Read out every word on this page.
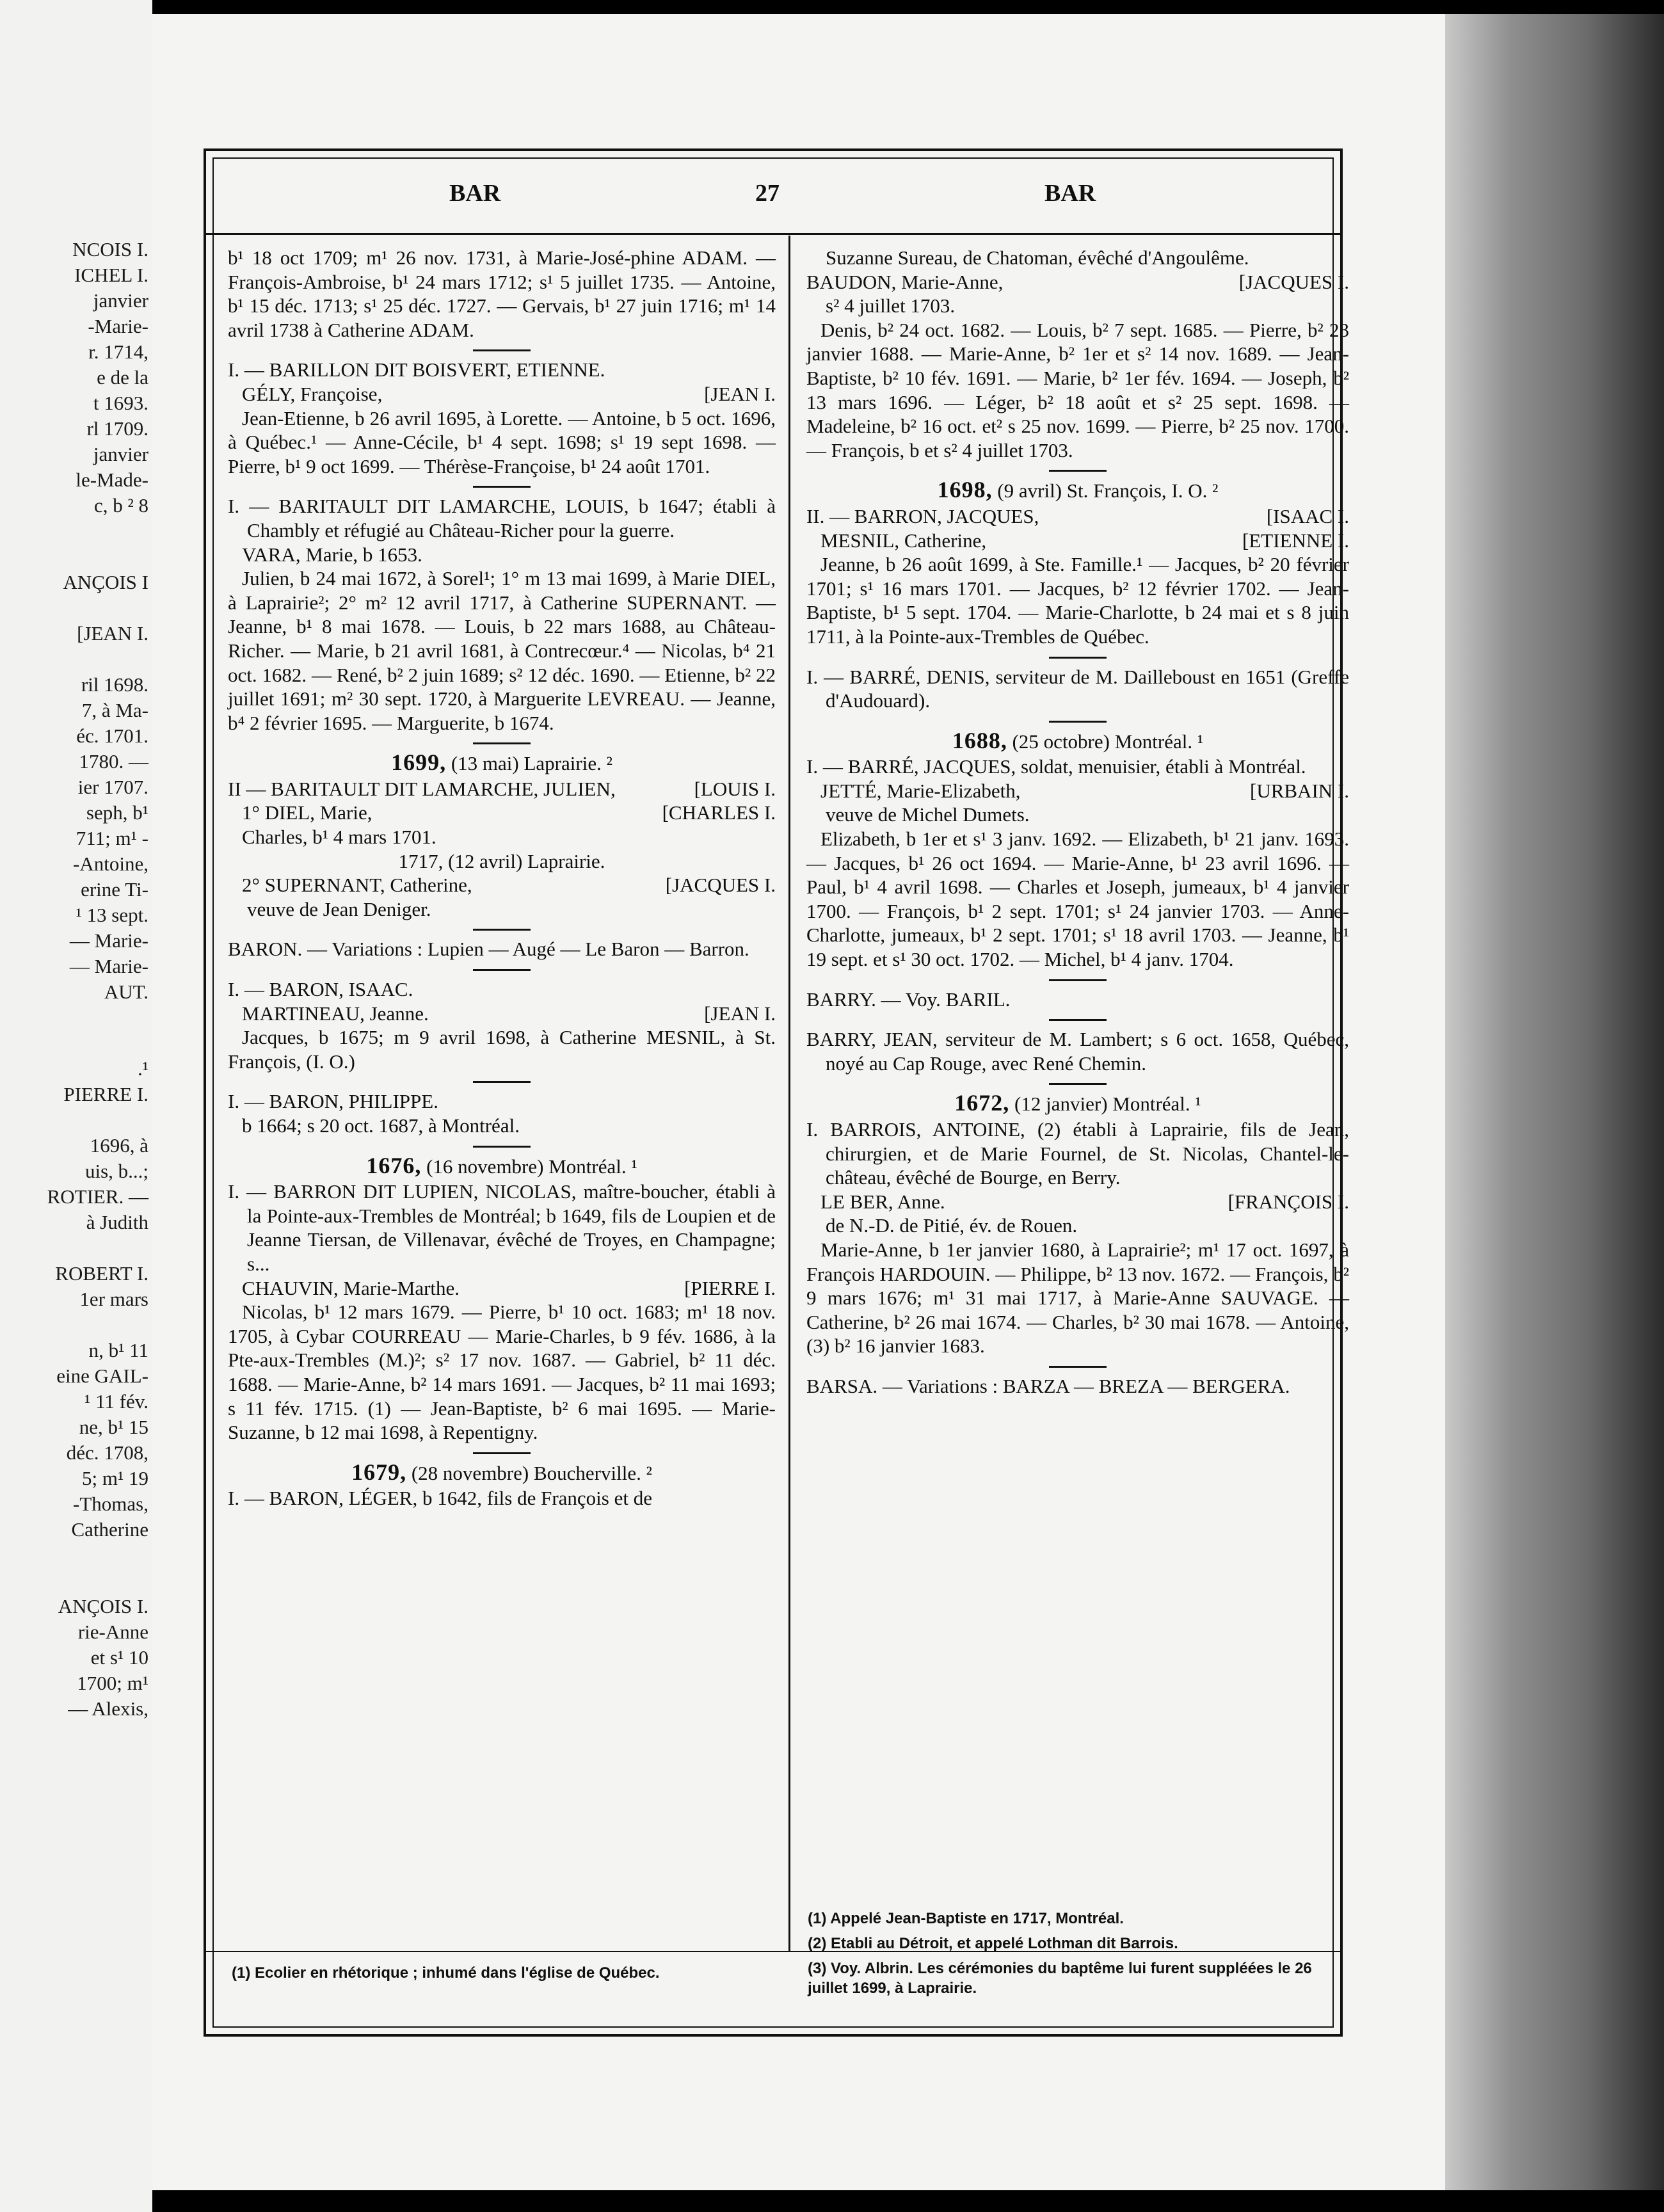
NCOIS I.
ICHEL I.
janvier
-Marie-
r. 1714,
e de la
t 1693.
rl 1709.
janvier
le-Made-
c, b ² 8

ANÇOIS I

[JEAN I.

ril 1698.
7, à Ma-
éc. 1701.
1780. —
ier 1707.
seph, b¹
711; m¹ -
-Antoine,
erine Ti-
¹ 13 sept.
— Marie-
— Marie-
AUT.

.¹
PIERRE I.

1696, à
uis, b...;
ROTIER. —
à Judith

ROBERT I.
1er mars

n, b¹ 11
eine GAIL-
¹ 11 fév.
ne, b¹ 15
déc. 1708,
5; m¹ 19
-Thomas,
Catherine

ANÇOIS I.
rie-Anne
et s¹ 10
1700; m¹
— Alexis,
BAR	27	BAR

b¹ 18 oct 1709; m¹ 26 nov. 1731, à Marie-José-phine ADAM. — François-Ambroise, b¹ 24 mars 1712; s¹ 5 juillet 1735. — Antoine, b¹ 15 déc. 1713; s¹ 25 déc. 1727. — Gervais, b¹ 27 juin 1716; m¹ 14 avril 1738 à Catherine ADAM.

I. — BARILLON DIT BOISVERT, ETIENNE.

GÉLY, Françoise,	[JEAN I.

Jean-Etienne, b 26 avril 1695, à Lorette. — Antoine, b 5 oct. 1696, à Québec.¹ — Anne-Cécile, b¹ 4 sept. 1698; s¹ 19 sept 1698. — Pierre, b¹ 9 oct 1699. — Thérèse-Françoise, b¹ 24 août 1701.

I. — BARITAULT DIT LAMARCHE, LOUIS, b 1647; établi à Chambly et réfugié au Château-Richer pour la guerre.

VARA, Marie, b 1653.

Julien, b 24 mai 1672, à Sorel¹; 1° m 13 mai 1699, à Marie DIEL, à Laprairie²; 2° m² 12 avril 1717, à Catherine SUPERNANT. — Jeanne, b¹ 8 mai 1678. — Louis, b 22 mars 1688, au Château-Richer. — Marie, b 21 avril 1681, à Contrecœur.⁴ — Nicolas, b⁴ 21 oct. 1682. — René, b² 2 juin 1689; s² 12 déc. 1690. — Etienne, b² 22 juillet 1691; m² 30 sept. 1720, à Marguerite LEVREAU. — Jeanne, b⁴ 2 février 1695. — Marguerite, b 1674.

1699, (13 mai) Laprairie. ²
II — BARITAULT DIT LAMARCHE, JULIEN,	[LOUIS I.
1° DIEL, Marie,	[CHARLES I.

Charles, b¹ 4 mars 1701.

1717, (12 avril) Laprairie.

2° SUPERNANT, Catherine,	[JACQUES I.

veuve de Jean Deniger.

BARON. — Variations : Lupien — Augé — Le Baron — Barron.

I. — BARON, ISAAC.

MARTINEAU, Jeanne.	[JEAN I.

Jacques, b 1675; m 9 avril 1698, à Catherine MESNIL, à St. François, (I. O.)

I. — BARON, PHILIPPE.

b 1664; s 20 oct. 1687, à Montréal.

1676, (16 novembre) Montréal. ¹

I. — BARRON DIT LUPIEN, NICOLAS, maître-boucher, établi à la Pointe-aux-Trembles de Montréal; b 1649, fils de Loupien et de Jeanne Tiersan, de Villenavar, évêché de Troyes, en Champagne; s...

CHAUVIN, Marie-Marthe.	[PIERRE I.

Nicolas, b¹ 12 mars 1679. — Pierre, b¹ 10 oct. 1683; m¹ 18 nov. 1705, à Cybar COURREAU — Marie-Charles, b 9 fév. 1686, à la Pte-aux-Trembles (M.)²; s² 17 nov. 1687. — Gabriel, b² 11 déc. 1688. — Marie-Anne, b² 14 mars 1691. — Jacques, b² 11 mai 1693; s 11 fév. 1715. (1) — Jean-Baptiste, b² 6 mai 1695. — Marie-Suzanne, b 12 mai 1698, à Repentigny.

1679, (28 novembre) Boucherville. ²

I. — BARON, LÉGER, b 1642, fils de François et de

Suzanne Sureau, de Chatoman, évêché d'Angoulême.

BAUDON, Marie-Anne,	[JACQUES I.

s² 4 juillet 1703.

Denis, b² 24 oct. 1682. — Louis, b² 7 sept. 1685. — Pierre, b² 23 janvier 1688. — Marie-Anne, b² 1er et s² 14 nov. 1689. — Jean-Baptiste, b² 10 fév. 1691. — Marie, b² 1er fév. 1694. — Joseph, b² 13 mars 1696. — Léger, b² 18 août et s² 25 sept. 1698. — Madeleine, b² 16 oct. et² s 25 nov. 1699. — Pierre, b² 25 nov. 1700. — François, b et s² 4 juillet 1703.

1698, (9 avril) St. François, I. O. ²
II. — BARRON, JACQUES,	[ISAAC I.
MESNIL, Catherine,	[ETIENNE I.

Jeanne, b 26 août 1699, à Ste. Famille.¹ — Jacques, b² 20 février 1701; s¹ 16 mars 1701. — Jacques, b² 12 février 1702. — Jean-Baptiste, b¹ 5 sept. 1704. — Marie-Charlotte, b 24 mai et s 8 juin 1711, à la Pointe-aux-Trembles de Québec.

I. — BARRÉ, DENIS, serviteur de M. Dailleboust en 1651 (Greffe d'Audouard).

1688, (25 octobre) Montréal. ¹

I. — BARRÉ, JACQUES, soldat, menuisier, établi à Montréal.

JETTÉ, Marie-Elizabeth,	[URBAIN I.

veuve de Michel Dumets.

Elizabeth, b 1er et s¹ 3 janv. 1692. — Elizabeth, b¹ 21 janv. 1693. — Jacques, b¹ 26 oct 1694. — Marie-Anne, b¹ 23 avril 1696. — Paul, b¹ 4 avril 1698. — Charles et Joseph, jumeaux, b¹ 4 janvier 1700. — François, b¹ 2 sept. 1701; s¹ 24 janvier 1703. — Anne-Charlotte, jumeaux, b¹ 2 sept. 1701; s¹ 18 avril 1703. — Jeanne, b¹ 19 sept. et s¹ 30 oct. 1702. — Michel, b¹ 4 janv. 1704.

BARRY. — Voy. BARIL.

BARRY, JEAN, serviteur de M. Lambert; s 6 oct. 1658, Québec, noyé au Cap Rouge, avec René Chemin.

1672, (12 janvier) Montréal. ¹

I. BARROIS, ANTOINE, (2) établi à Laprairie, fils de Jean, chirurgien, et de Marie Fournel, de St. Nicolas, Chantel-le-château, évêché de Bourge, en Berry.

LE BER, Anne.	[FRANÇOIS I.

de N.-D. de Pitié, év. de Rouen.

Marie-Anne, b 1er janvier 1680, à Laprairie²; m¹ 17 oct. 1697, à François HARDOUIN. — Philippe, b² 13 nov. 1672. — François, b² 9 mars 1676; m¹ 31 mai 1717, à Marie-Anne SAUVAGE. — Catherine, b² 26 mai 1674. — Charles, b² 30 mai 1678. — Antoine, (3) b² 16 janvier 1683.

BARSA. — Variations : BARZA — BREZA — BERGERA.

(1) Ecolier en rhétorique ; inhumé dans l'église de Québec.

(1) Appelé Jean-Baptiste en 1717, Montréal.

(2) Etabli au Détroit, et appelé Lothman dit Barrois.

(3) Voy. Albrin. Les cérémonies du baptême lui furent suppléées le 26 juillet 1699, à Laprairie.
